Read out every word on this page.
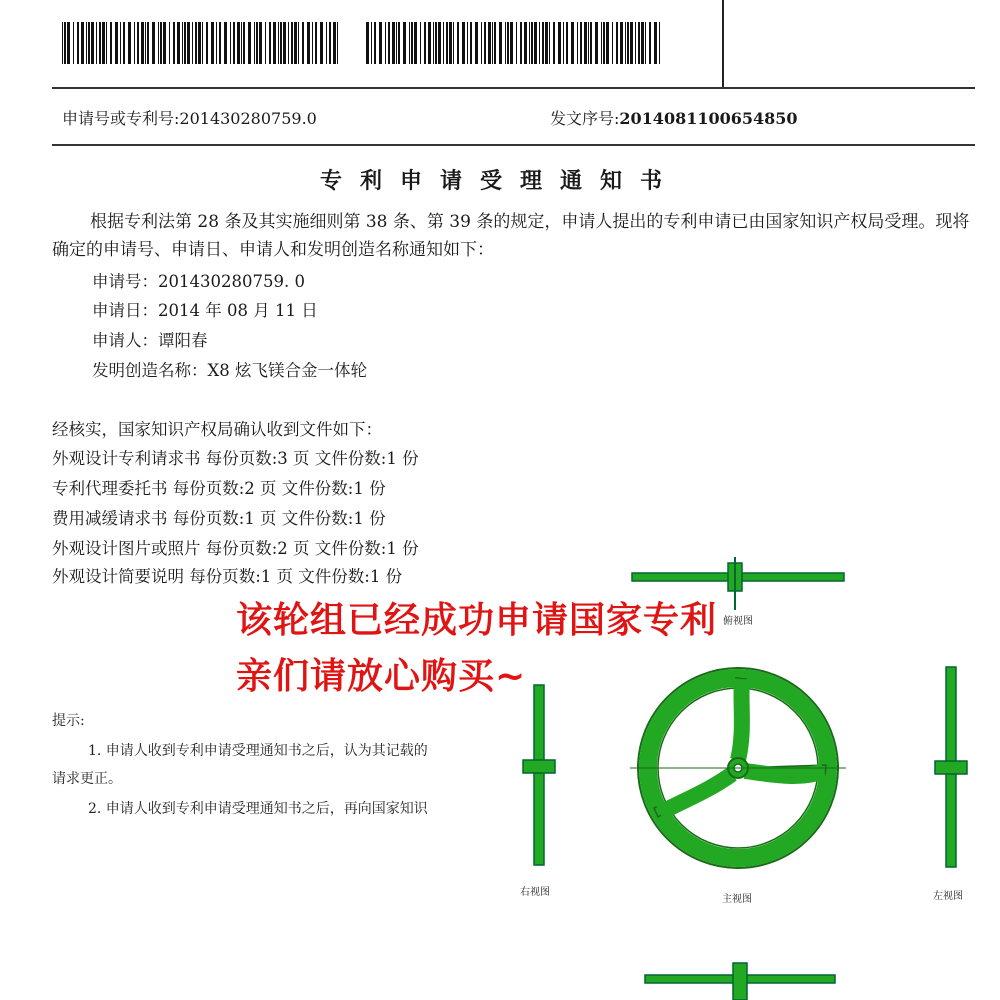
申请号或专利号:201430280759.0	发文序号:2014081100654850
专利申请受理通知书
根据专利法第 28 条及其实施细则第 38 条、第 39 条的规定，申请人提出的专利申请已由国家知识产权局受理。现将确定的申请号、申请日、申请人和发明创造名称通知如下：
申请号：201430280759. 0
申请日：2014 年 08 月 11 日
申请人：谭阳春
发明创造名称：X8 炫飞镁合金一体轮
经核实，国家知识产权局确认收到文件如下：
外观设计专利请求书 每份页数:3 页 文件份数:1 份
专利代理委托书 每份页数:2 页 文件份数:1 份
费用减缓请求书 每份页数:1 页 文件份数:1 份
外观设计图片或照片 每份页数:2 页 文件份数:1 份
外观设计简要说明 每份页数:1 页 文件份数:1 份
提示:
1. 申请人收到专利申请受理通知书之后，认为其记载的
请求更正。
2. 申请人收到专利申请受理通知书之后，再向国家知识
俯视图
右视图
主视图	左视图
该轮组已经成功申请国家专利
亲们请放心购买~
